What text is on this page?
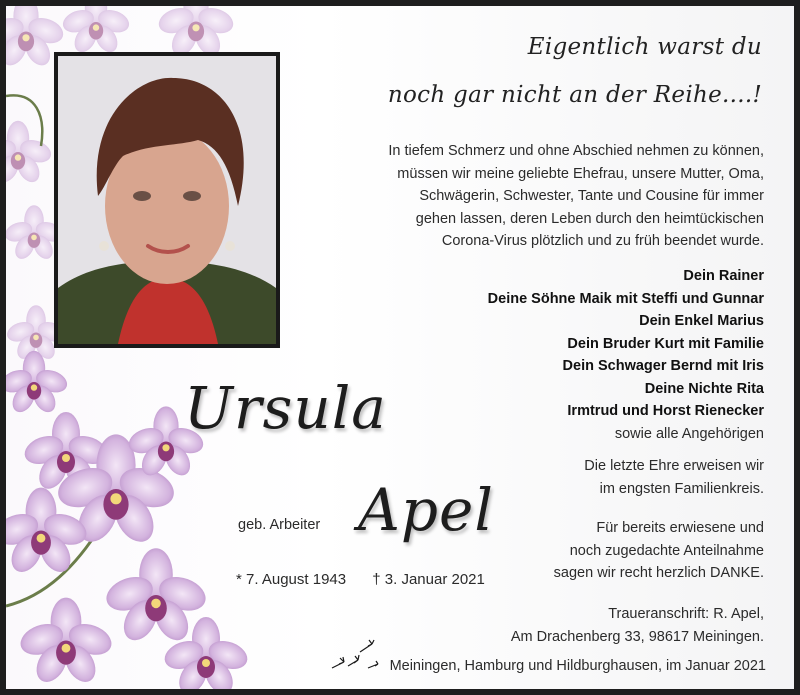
Eigentlich warst du
noch gar nicht an der Reihe....!

In tiefem Schmerz und ohne Abschied nehmen zu können,

müssen wir meine geliebte Ehefrau, unsere Mutter, Oma,

Schwägerin, Schwester, Tante und Cousine für immer

gehen lassen, deren Leben durch den heimtückischen

Corona-Virus plötzlich und zu früh beendet wurde.

Dein Rainer

Deine Söhne Maik mit Steffi und Gunnar

Dein Enkel Marius

Dein Bruder Kurt mit Familie

Dein Schwager Bernd mit Iris

Deine Nichte Rita

Irmtrud und Horst Rienecker

sowie alle Angehörigen

Die letzte Ehre erweisen wir

im engsten Familienkreis.

Für bereits erwiesene und

noch zugedachte Anteilnahme

sagen wir recht herzlich DANKE.

Traueranschrift: R. Apel,

Am Drachenberg 33, 98617 Meiningen.

Meiningen, Hamburg und Hildburghausen, im Januar 2021
Ursula
Apel
geb. Arbeiter
* 7. August 1943 † 3. Januar 2021
